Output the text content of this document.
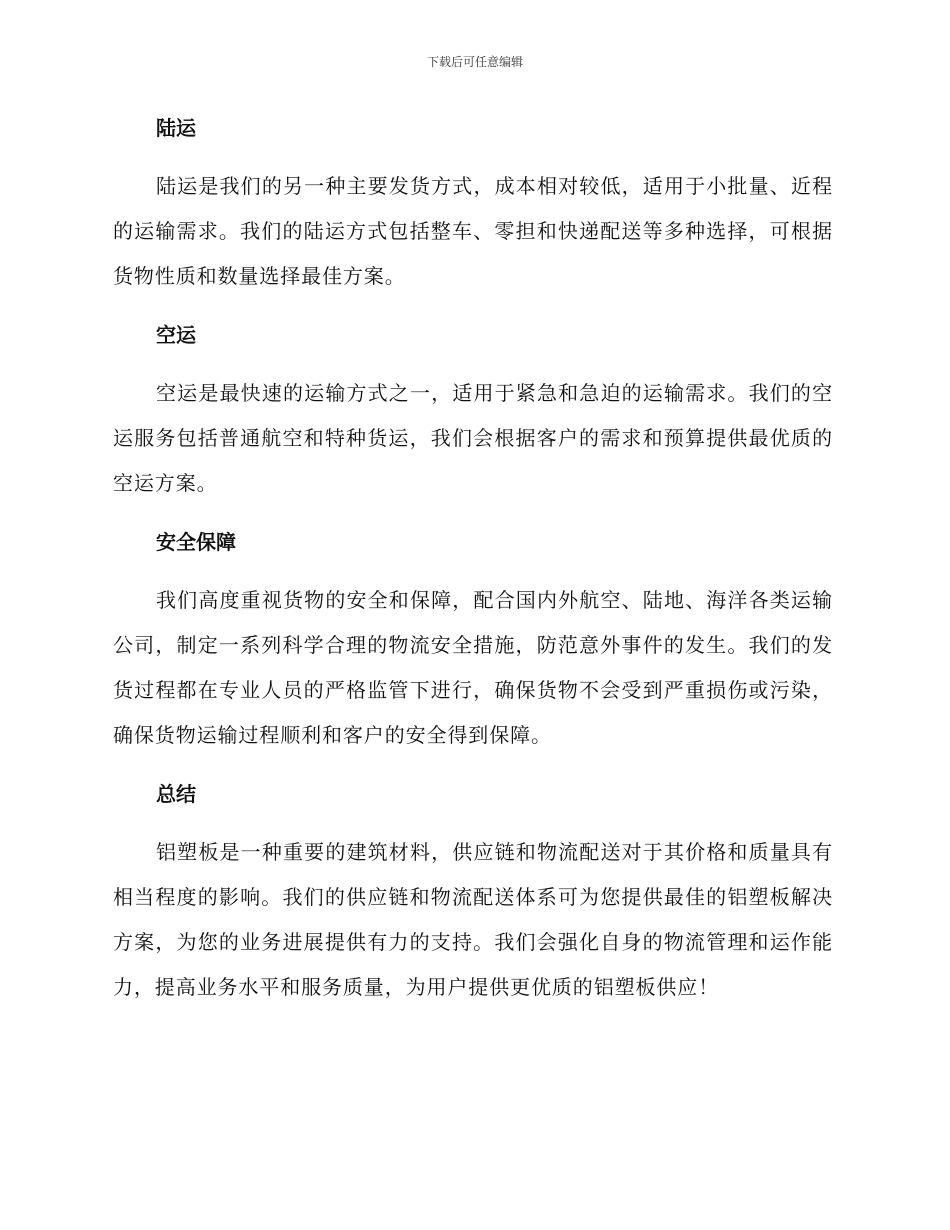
下载后可任意编辑
陆运

陆运是我们的另一种主要发货方式，成本相对较低，适用于小批量、近程的运输需求。我们的陆运方式包括整车、零担和快递配送等多种选择，可根据货物性质和数量选择最佳方案。

空运

空运是最快速的运输方式之一，适用于紧急和急迫的运输需求。我们的空运服务包括普通航空和特种货运，我们会根据客户的需求和预算提供最优质的空运方案。

安全保障

我们高度重视货物的安全和保障，配合国内外航空、陆地、海洋各类运输公司，制定一系列科学合理的物流安全措施，防范意外事件的发生。我们的发货过程都在专业人员的严格监管下进行，确保货物不会受到严重损伤或污染，确保货物运输过程顺利和客户的安全得到保障。

总结

铝塑板是一种重要的建筑材料，供应链和物流配送对于其价格和质量具有相当程度的影响。我们的供应链和物流配送体系可为您提供最佳的铝塑板解决方案，为您的业务进展提供有力的支持。我们会强化自身的物流管理和运作能力，提高业务水平和服务质量，为用户提供更优质的铝塑板供应！
